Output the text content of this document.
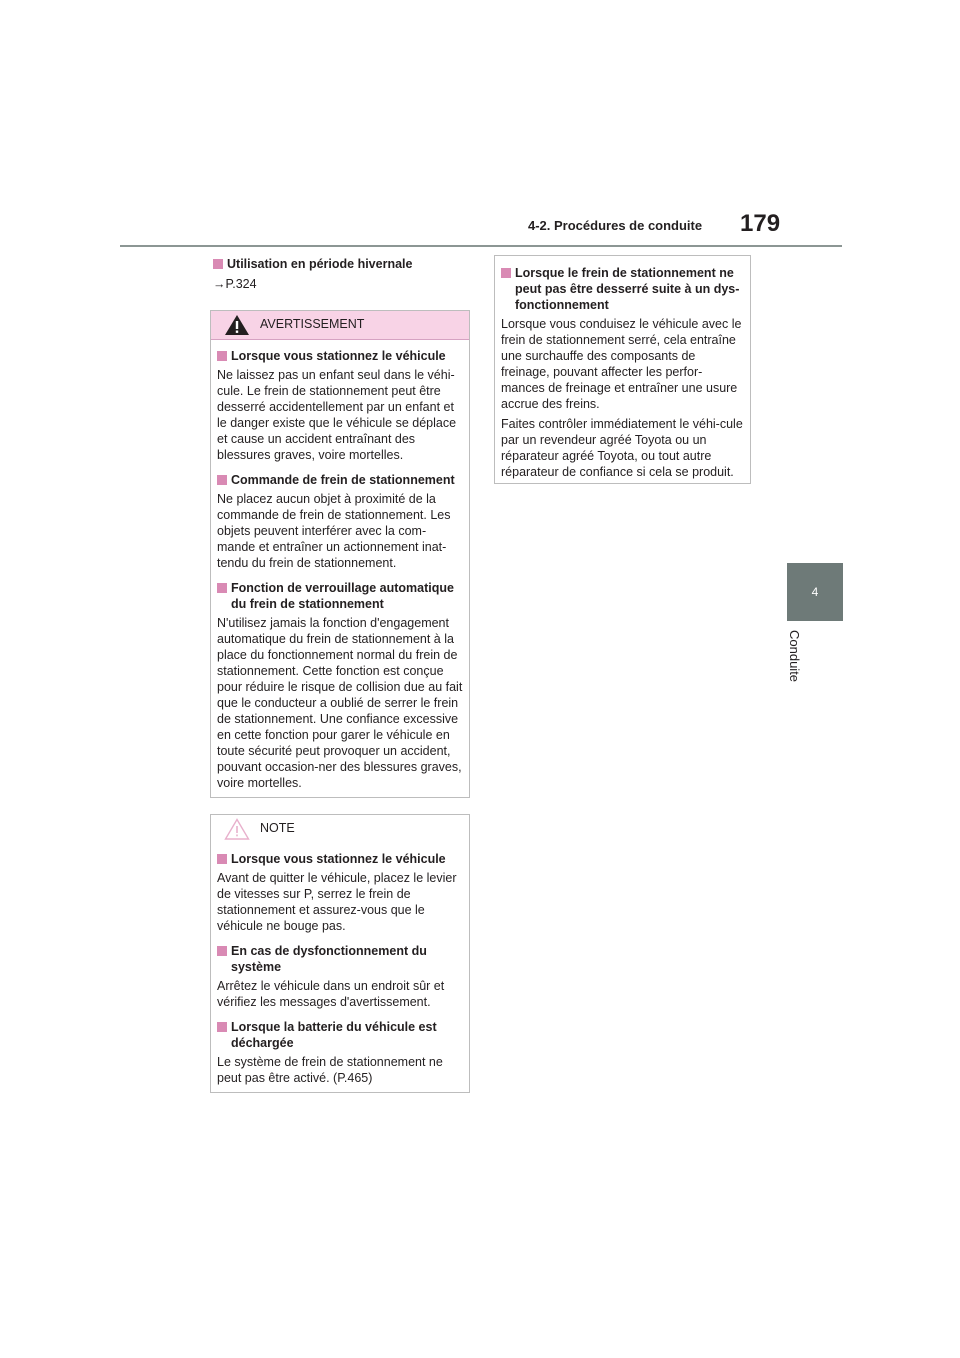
4-2. Procédures de conduite 179
4
Conduite
Utilisation en période hivernale

→P.324

AVERTISSEMENT
Lorsque vous stationnez le véhicule

Ne laissez pas un enfant seul dans le véhi-cule. Le frein de stationnement peut être desserré accidentellement par un enfant et le danger existe que le véhicule se déplace et cause un accident entraînant des blessures graves, voire mortelles.

Commande de frein de stationnement

Ne placez aucun objet à proximité de la commande de frein de stationnement. Les objets peuvent interférer avec la com-mande et entraîner un actionnement inat-tendu du frein de stationnement.

Fonction de verrouillage automatique du frein de stationnement

N'utilisez jamais la fonction d'engagement automatique du frein de stationnement à la place du fonctionnement normal du frein de stationnement. Cette fonction est conçue pour réduire le risque de collision due au fait que le conducteur a oublié de serrer le frein de stationnement. Une confiance excessive en cette fonction pour garer le véhicule en toute sécurité peut provoquer un accident, pouvant occasion-ner des blessures graves, voire mortelles.

NOTE
Lorsque vous stationnez le véhicule

Avant de quitter le véhicule, placez le levier de vitesses sur P, serrez le frein de stationnement et assurez-vous que le véhicule ne bouge pas.

En cas de dysfonctionnement du système

Arrêtez le véhicule dans un endroit sûr et vérifiez les messages d'avertissement.

Lorsque la batterie du véhicule est déchargée

Le système de frein de stationnement ne peut pas être activé. (P.465)

Lorsque le frein de stationnement ne peut pas être desserré suite à un dys-fonctionnement

Lorsque vous conduisez le véhicule avec le frein de stationnement serré, cela entraîne une surchauffe des composants de freinage, pouvant affecter les perfor-mances de freinage et entraîner une usure accrue des freins.

Faites contrôler immédiatement le véhi-cule par un revendeur agréé Toyota ou un réparateur agréé Toyota, ou tout autre réparateur de confiance si cela se produit.
